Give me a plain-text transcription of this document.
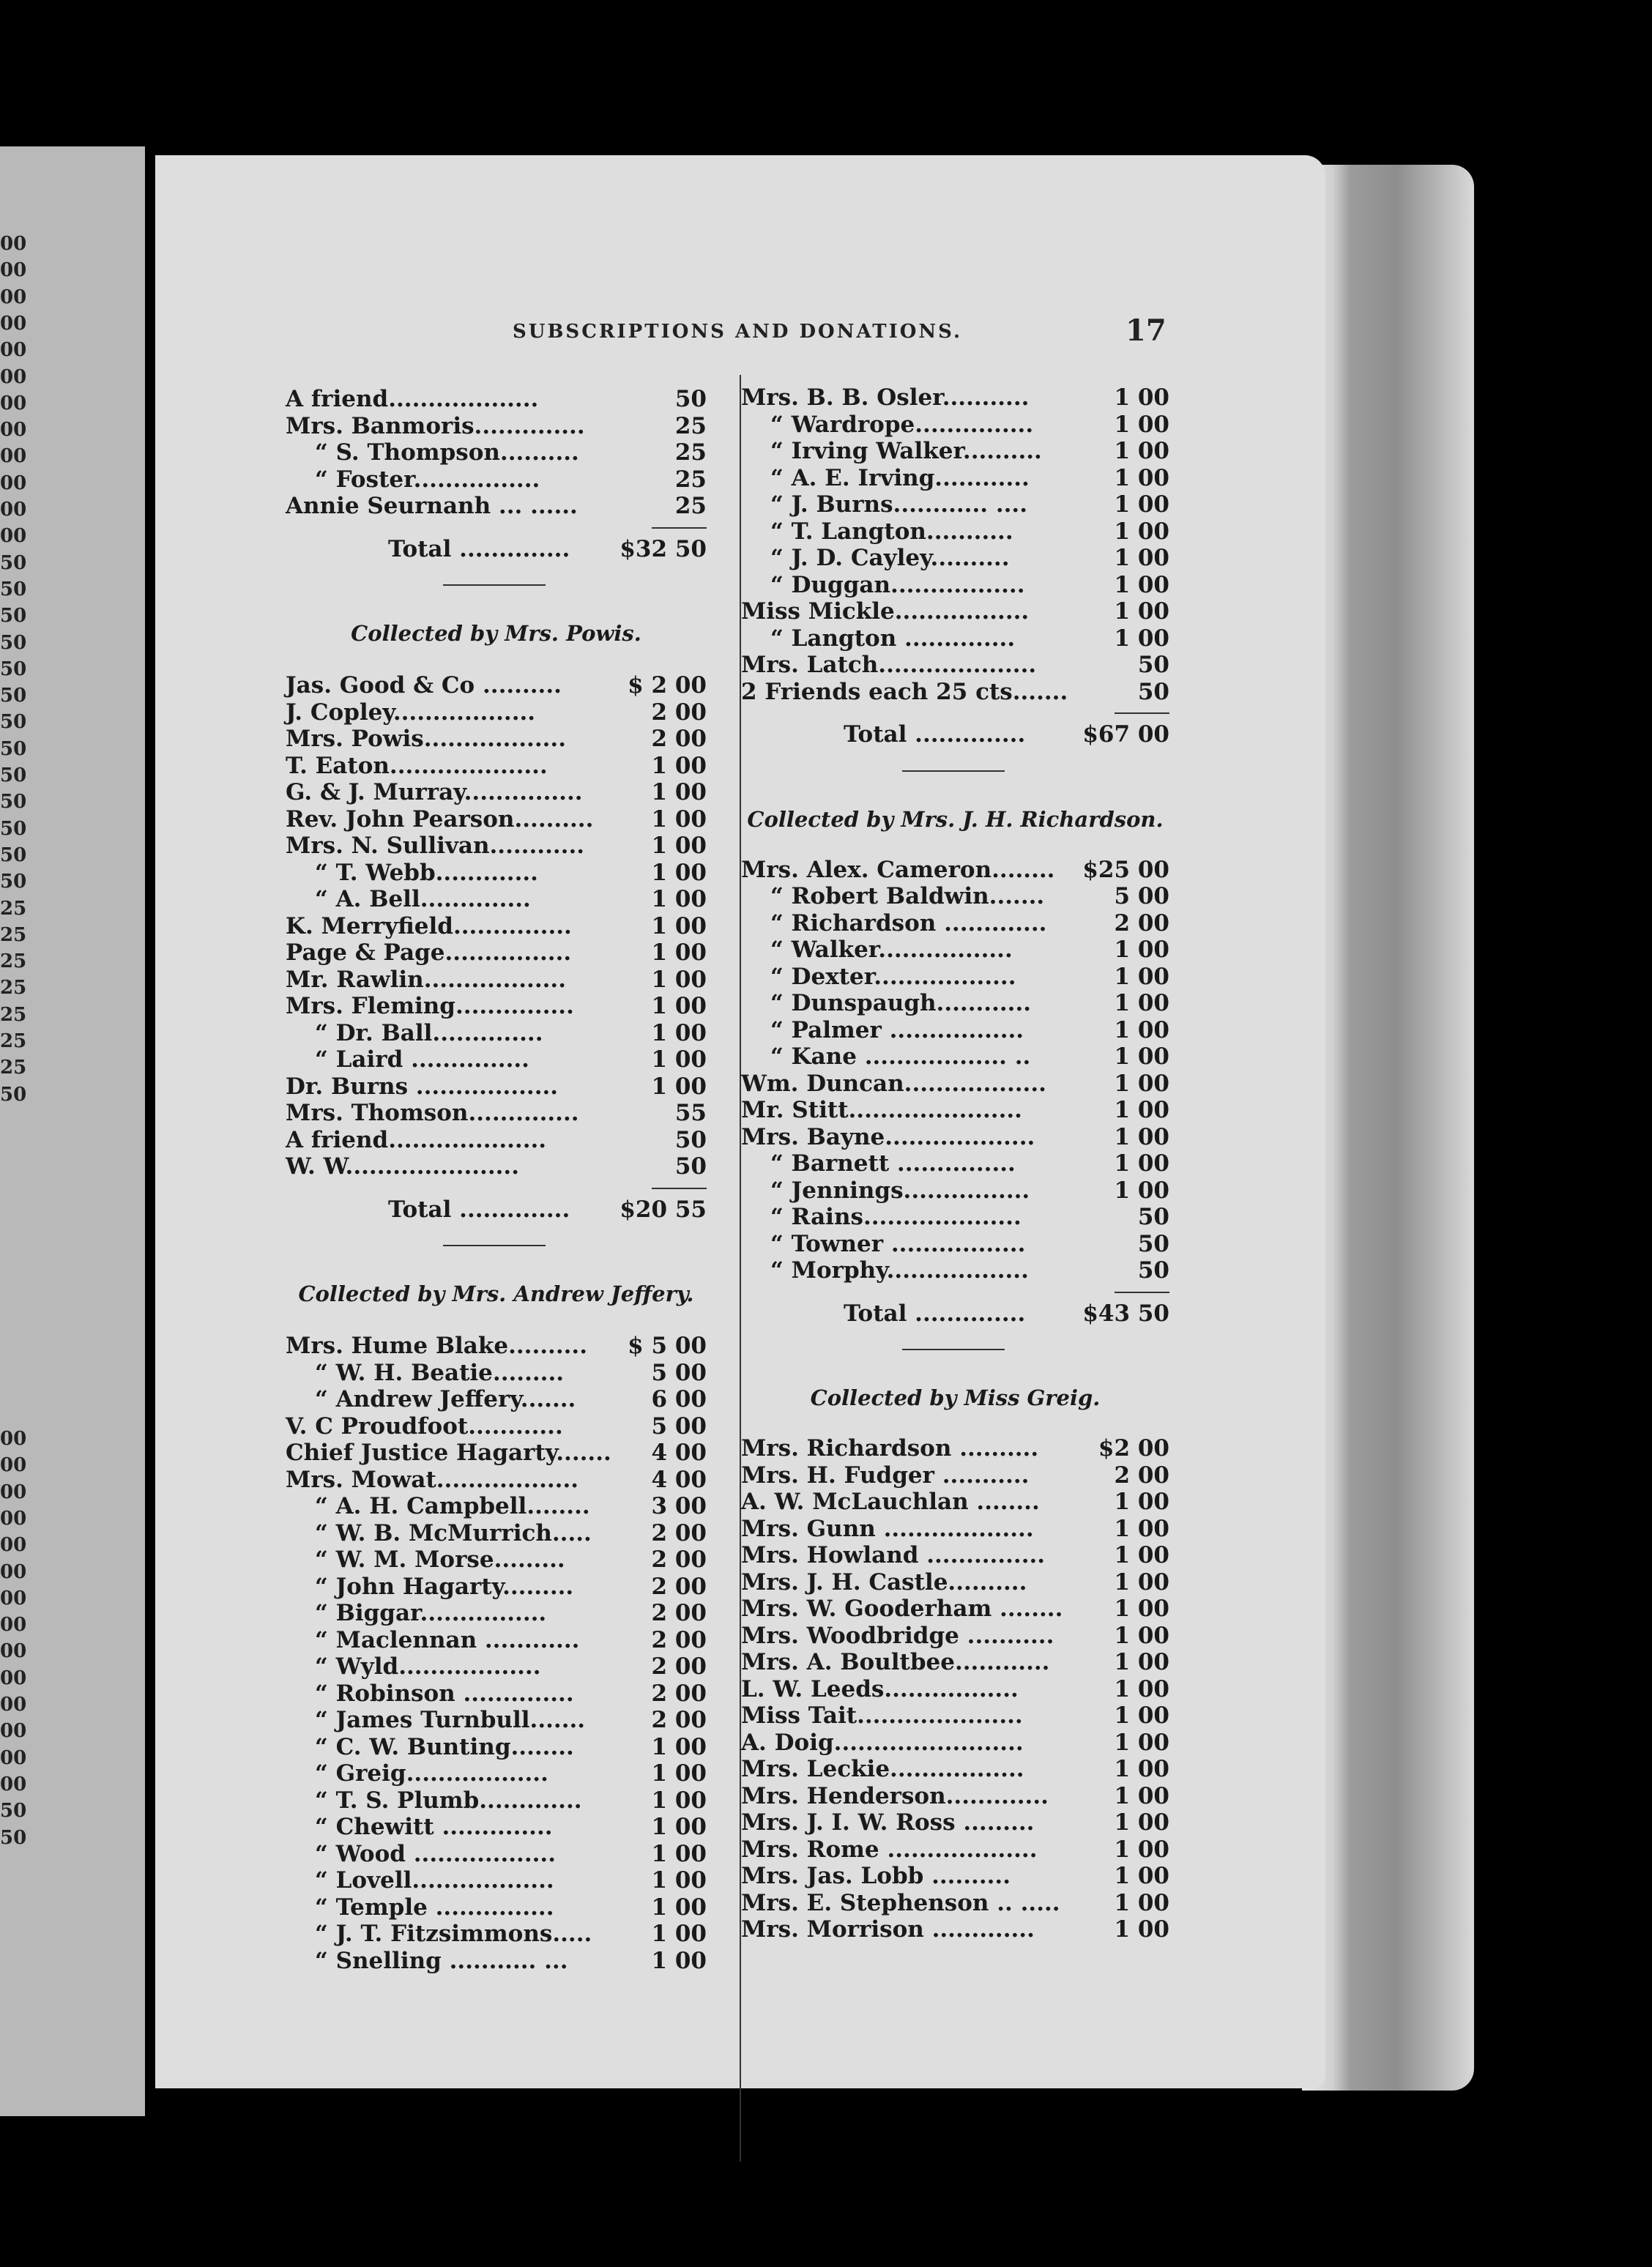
00
00
00
00
00
00
00
00
00
00
00
00
50
50
50
50
50
50
50
50
50
50
50
50
50
25
25
25
25
25
25
25
50
00
00
00
00
00
00
00
00
00
00
00
00
00
00
50
50
SUBSCRIPTIONS AND DONATIONS.	17
A friend...................	50
Mrs. Banmoris..............	25
“ S. Thompson..........	25
“ Foster................	25
Annie Seurnanh ... ......	25
Total .............. $32 50
Collected by Mrs. Powis.
Jas. Good & Co ..........	$ 2 00
J. Copley..................	2 00
Mrs. Powis..................	2 00
T. Eaton....................	1 00
G. & J. Murray...............	1 00
Rev. John Pearson..........	1 00
Mrs. N. Sullivan............	1 00
“ T. Webb.............	1 00
“ A. Bell..............	1 00
K. Merryfield...............	1 00
Page & Page................	1 00
Mr. Rawlin..................	1 00
Mrs. Fleming...............	1 00
“ Dr. Ball..............	1 00
“ Laird ...............	1 00
Dr. Burns ..................	1 00
Mrs. Thomson..............	55
A friend....................	50
W. W......................	50
Total .............. $20 55
Collected by Mrs. Andrew Jeffery.
Mrs. Hume Blake.......... $ 5 00
“ W. H. Beatie.........	5 00
“ Andrew Jeffery.......	6 00
V. C Proudfoot............	5 00
Chief Justice Hagarty....... 4 00
Mrs. Mowat..................	4 00
“ A. H. Campbell........	3 00
“ W. B. McMurrich.....	2 00
“ W. M. Morse.........	2 00
“ John Hagarty.........	2 00
“ Biggar................	2 00
“ Maclennan ............	2 00
“ Wyld..................	2 00
“ Robinson ..............	2 00
“ James Turnbull.......	2 00
“ C. W. Bunting........	1 00
“ Greig..................	1 00
“ T. S. Plumb.............	1 00
“ Chewitt ..............	1 00
“ Wood ..................	1 00
“ Lovell..................	1 00
“ Temple ...............	1 00
“ J. T. Fitzsimmons.....	1 00
“ Snelling ........... ...	1 00
Mrs. B. B. Osler...........	1 00
“ Wardrope...............	1 00
“ Irving Walker..........	1 00
“ A. E. Irving............	1 00
“ J. Burns............ ....	1 00
“ T. Langton...........	1 00
“ J. D. Cayley..........	1 00
“ Duggan.................	1 00
Miss Mickle.................	1 00
“ Langton ..............	1 00
Mrs. Latch....................	50
2 Friends each 25 cts.......	50
Total ..............	$67 00
Collected by Mrs. J. H. Richardson.
Mrs. Alex. Cameron........ $25 00
“ Robert Baldwin.......	5 00
“ Richardson .............	2 00
“ Walker.................	1 00
“ Dexter..................	1 00
“ Dunspaugh............	1 00
“ Palmer .................	1 00
“ Kane .................. ..	1 00
Wm. Duncan..................	1 00
Mr. Stitt......................	1 00
Mrs. Bayne...................	1 00
“ Barnett ...............	1 00
“ Jennings................	1 00
“ Rains....................	50
“ Towner .................	50
“ Morphy..................	50
Total ..............	$43 50
Collected by Miss Greig.
Mrs. Richardson ..........	$2 00
Mrs. H. Fudger ...........	2 00
A. W. McLauchlan ........	1 00
Mrs. Gunn ...................	1 00
Mrs. Howland ...............	1 00
Mrs. J. H. Castle..........	1 00
Mrs. W. Gooderham ........ 1 00
Mrs. Woodbridge ...........	1 00
Mrs. A. Boultbee............	1 00
L. W. Leeds.................	1 00
Miss Tait.....................	1 00
A. Doig........................	1 00
Mrs. Leckie.................	1 00
Mrs. Henderson.............	1 00
Mrs. J. I. W. Ross .........	1 00
Mrs. Rome ...................	1 00
Mrs. Jas. Lobb ..........	1 00
Mrs. E. Stephenson .. ..... 1 00
Mrs. Morrison .............	1 00
